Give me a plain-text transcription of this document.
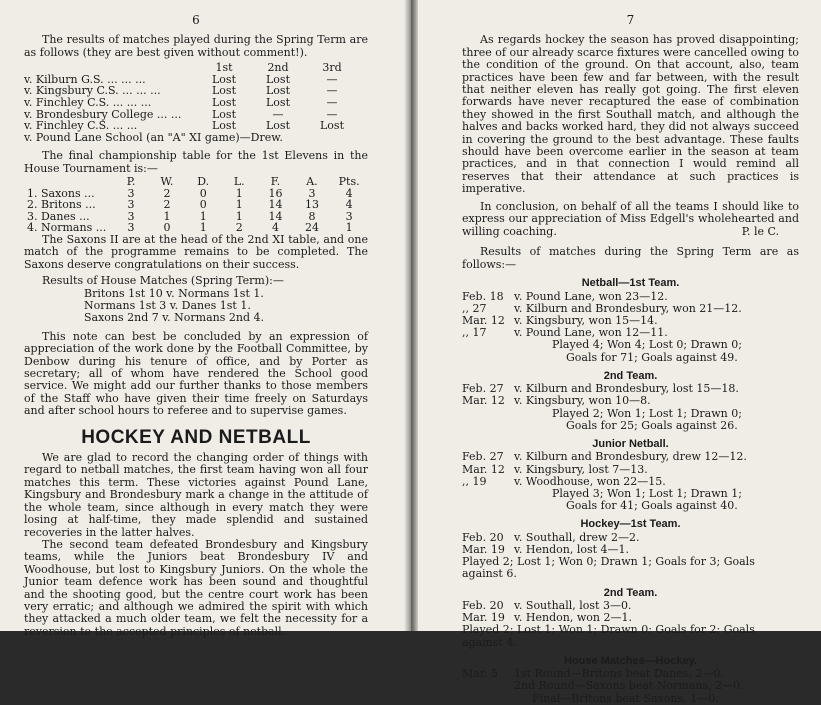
6

The results of matches played during the Spring Term are as follows (they are best given without comment!).

	1st	2nd	3rd
v. Kilburn G.S. ... ... ...	Lost	Lost	—
v. Kingsbury C.S. ... ... ...	Lost	Lost	—
v. Finchley C.S. ... ... ...	Lost	Lost	—
v. Brondesbury College ... ...	Lost	—	—
v. Finchley C.S. ... ...	Lost	Lost	Lost

v. Pound Lane School (an "A" XI game)—Drew.

The final championship table for the 1st Elevens in the House Tournament is:—

	P.	W.	D.	L.	F.	A.	Pts.
1. Saxons ...	3	2	0	1	16	3	4
2. Britons ...	3	2	0	1	14	13	4
3. Danes ...	3	1	1	1	14	8	3
4. Normans ...	3	0	1	2	4	24	1

The Saxons II are at the head of the 2nd XI table, and one match of the programme remains to be completed. The Saxons deserve congratulations on their success.

Results of House Matches (Spring Term):—

Britons 1st 10 v. Normans 1st 1.
Normans 1st 3 v. Danes 1st 1.
Saxons 2nd 7 v. Normans 2nd 4.

This note can best be concluded by an expression of appreciation of the work done by the Football Committee, by Denbow during his tenure of office, and by Porter as secretary; all of whom have rendered the School good service. We might add our further thanks to those members of the Staff who have given their time freely on Saturdays and after school hours to referee and to supervise games.

HOCKEY AND NETBALL

We are glad to record the changing order of things with regard to netball matches, the first team having won all four matches this term. These victories against Pound Lane, Kingsbury and Brondesbury mark a change in the attitude of the whole team, since although in every match they were losing at half-time, they made splendid and sustained recoveries in the latter halves.

The second team defeated Brondesbury and Kingsbury teams, while the Juniors beat Brondesbury IV and Woodhouse, but lost to Kingsbury Juniors. On the whole the Junior team defence work has been sound and thoughtful and the shooting good, but the centre court work has been very erratic; and although we admired the spirit with which they attacked a much older team, we felt the necessity for a reversion to the accepted principles of netball.

7

As regards hockey the season has proved disappointing; three of our already scarce fixtures were cancelled owing to the condition of the ground. On that account, also, team practices have been few and far between, with the result that neither eleven has really got going. The first eleven forwards have never recaptured the ease of combination they showed in the first Southall match, and although the halves and backs worked hard, they did not always succeed in covering the ground to the best advantage. These faults should have been overcome earlier in the season at team practices, and in that connection I would remind all reserves that their attendance at such practices is imperative.

In conclusion, on behalf of all the teams I should like to express our appreciation of Miss Edgell's wholehearted and willing coaching.	P. le C.

Results of matches during the Spring Term are as follows:—

Netball—1st Team.
Feb. 18 v. Pound Lane, won 23—12.
,, 27	v. Kilburn and Brondesbury, won 21—12.
Mar. 12 v. Kingsbury, won 15—14.
,, 17	v. Pound Lane, won 12—11.
Played 4; Won 4; Lost 0; Drawn 0;
Goals for 71; Goals against 49.
2nd Team.
Feb. 27 v. Kilburn and Brondesbury, lost 15—18.
Mar. 12 v. Kingsbury, won 10—8.
Played 2; Won 1; Lost 1; Drawn 0;
Goals for 25; Goals against 26.
Junior Netball.
Feb. 27 v. Kilburn and Brondesbury, drew 12—12.
Mar. 12 v. Kingsbury, lost 7—13.
,, 19	v. Woodhouse, won 22—15.
Played 3; Won 1; Lost 1; Drawn 1;
Goals for 41; Goals against 40.
Hockey—1st Team.
Feb. 20 v. Southall, drew 2—2.
Mar. 19 v. Hendon, lost 4—1.
Played 2; Lost 1; Won 0; Drawn 1; Goals for 3; Goals against 6.
2nd Team.
Feb. 20 v. Southall, lost 3—0.
Mar. 19 v. Hendon, won 2—1.
Played 2; Lost 1; Won 1; Drawn 0; Goals for 2; Goals against 4.
House Matches—Hockey.
Mar. 5	1st Round—Britons beat Danes, 2—0.
2nd Round—Saxons beat Normans, 2—0.
Final—Britons beat Saxons, 1—0.
